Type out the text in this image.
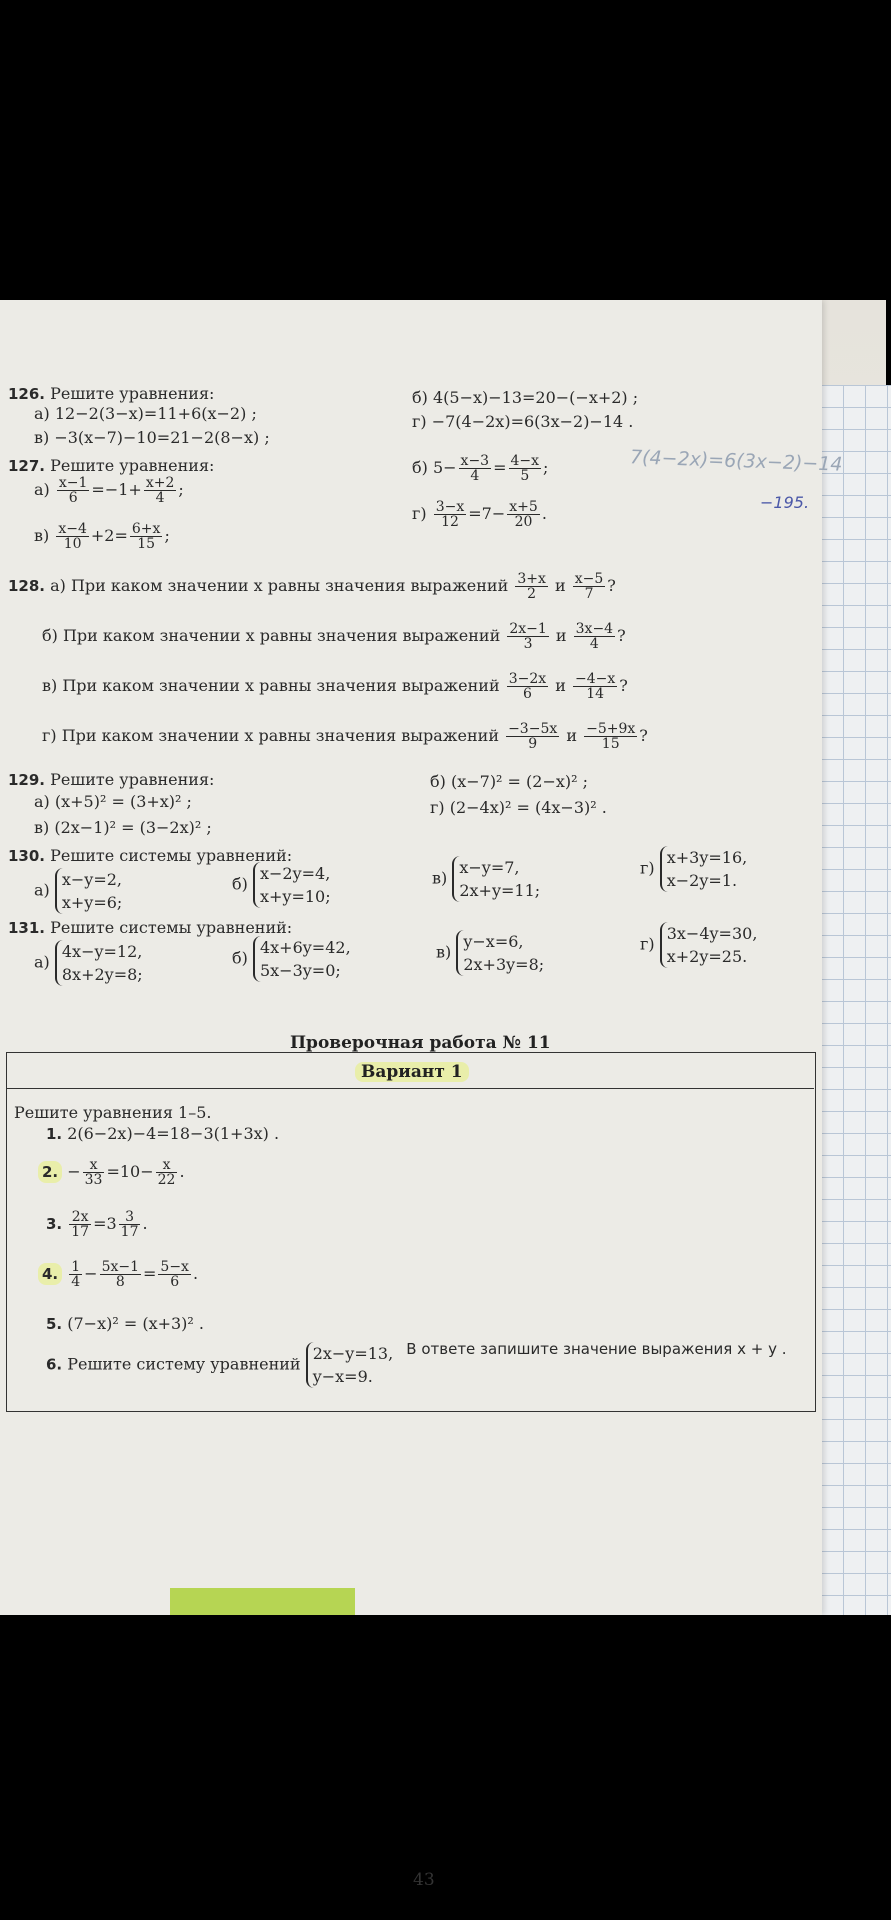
126. Решите уравнения:
а) 12−2(3−x)=11+6(x−2) ;
б) 4(5−x)−13=20−(−x+2) ;
в) −3(x−7)−10=21−2(8−x) ;
г) −7(4−2x)=6(3x−2)−14 .
127. Решите уравнения:
$а) \frac{x-1}{6} =-1+ \frac{x+2}{4}$ ;
б) $5- \frac{x-3}{4} = \frac{4-x}{5}$ ;
$в) \frac{x-4}{10} +2= \frac{6+x}{15}$ ;
$г) \frac{3-x}{12} =7- \frac{x+5}{20}$ .
7(4−2x)=6(3x−2)−14
−195.
128. а) При каком значении x равны значения выражений $\frac{3+x}{2}$ и $\frac{x-5}{7}$ ?
б) При каком значении x равны значения выражений $\frac{2x-1}{3}$ и $\frac{3x-4}{4}$ ?
в) При каком значении x равны значения выражений $\frac{3-2x}{6}$ и $\frac{-4-x}{14}$ ?
г) При каком значении x равны значения выражений $\frac{-3-5x}{9}$ и $\frac{-5+9x}{15}$ ?
129. Решите уравнения:
а) (x+5)² = (3+x)² ;
б) (x−7)² = (2−x)² ;
в) (2x−1)² = (3−2x)² ;
г) (2−4x)² = (4x−3)² .
130. Решите системы уравнений:
а) x−y=2,
x+y=6;
б) x−2y=4,
x+y=10;
в) x−y=7,
2x+y=11;
г) x+3y=16,
x−2y=1.
131. Решите системы уравнений:
а) 4x−y=12,
8x+2y=8;
б) 4x+6y=42,
5x−3y=0;
в) y−x=6,
2x+3y=8;
г) 3x−4y=30,
x+2y=25.
Проверочная работа № 11
Вариант 1
Решите уравнения 1–5.
1. 2(6−2x)−4=18−3(1+3x) .
2. − $\frac{x}{33} =10- \frac{x}{22}$ .
3. $\frac{2x}{17} =3 \frac{3}{17}$ .
4. $\frac{1}{4} - \frac{5x-1}{8} = \frac{5-x}{6}$ .
5. (7−x)² = (x+3)² .
6. Решите систему уравнений 2x−y=13,
y−x=9. В ответе запишите значение выражения x + y .
43
